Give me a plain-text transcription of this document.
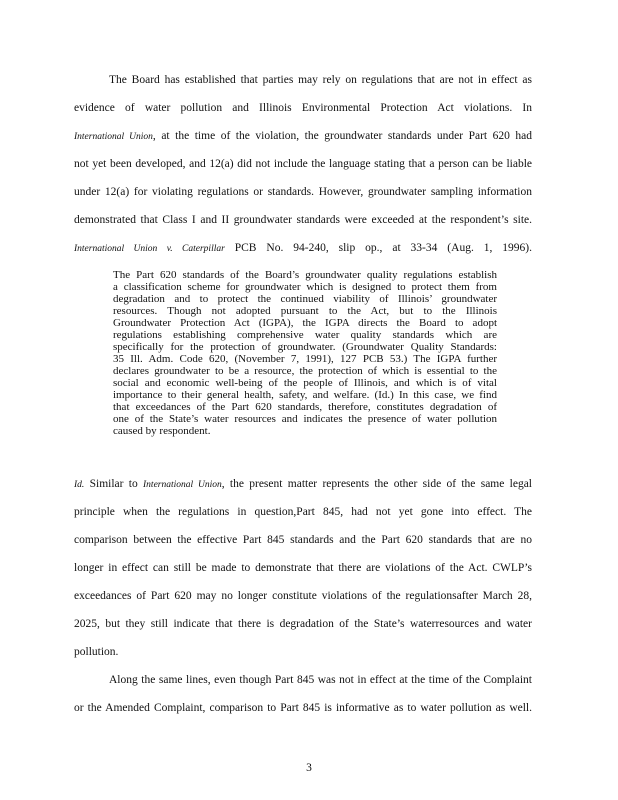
The Board has established that parties may rely on regulations that are not in effect as
evidence of water pollution and Illinois Environmental Protection Act violations. In
International Union, at the time of the violation, the groundwater standards under Part 620 had
not yet been developed, and 12(a) did not include the language stating that a person can be liable
under 12(a) for violating regulations or standards. However, groundwater sampling information
demonstrated that Class I and II groundwater standards were exceeded at the respondent’s site.
International Union v. Caterpillar PCB No. 94-240, slip op., at 33-34 (Aug. 1, 1996).
The Part 620 standards of the Board’s groundwater quality regulations establish
a classification scheme for groundwater which is designed to protect them from
degradation and to protect the continued viability of Illinois’ groundwater
resources. Though not adopted pursuant to the Act, but to the Illinois
Groundwater Protection Act (IGPA), the IGPA directs the Board to adopt
regulations establishing comprehensive water quality standards which are
specifically for the protection of groundwater. (Groundwater Quality Standards:
35 Ill. Adm. Code 620, (November 7, 1991), 127 PCB 53.) The IGPA further
declares groundwater to be a resource, the protection of which is essential to the
social and economic well-being of the people of Illinois, and which is of vital
importance to their general health, safety, and welfare. (Id.) In this case, we find
that exceedances of the Part 620 standards, therefore, constitutes degradation of
one of the State’s water resources and indicates the presence of water pollution
caused by respondent.
Id. Similar to International Union, the present matter represents the other side of the same legal
principle when the regulations in question,Part 845, had not yet gone into effect. The
comparison between the effective Part 845 standards and the Part 620 standards that are no
longer in effect can still be made to demonstrate that there are violations of the Act. CWLP’s
exceedances of Part 620 may no longer constitute violations of the regulationsafter March 28,
2025, but they still indicate that there is degradation of the State’s waterresources and water
pollution.
Along the same lines, even though Part 845 was not in effect at the time of the Complaint
or the Amended Complaint, comparison to Part 845 is informative as to water pollution as well.
3
